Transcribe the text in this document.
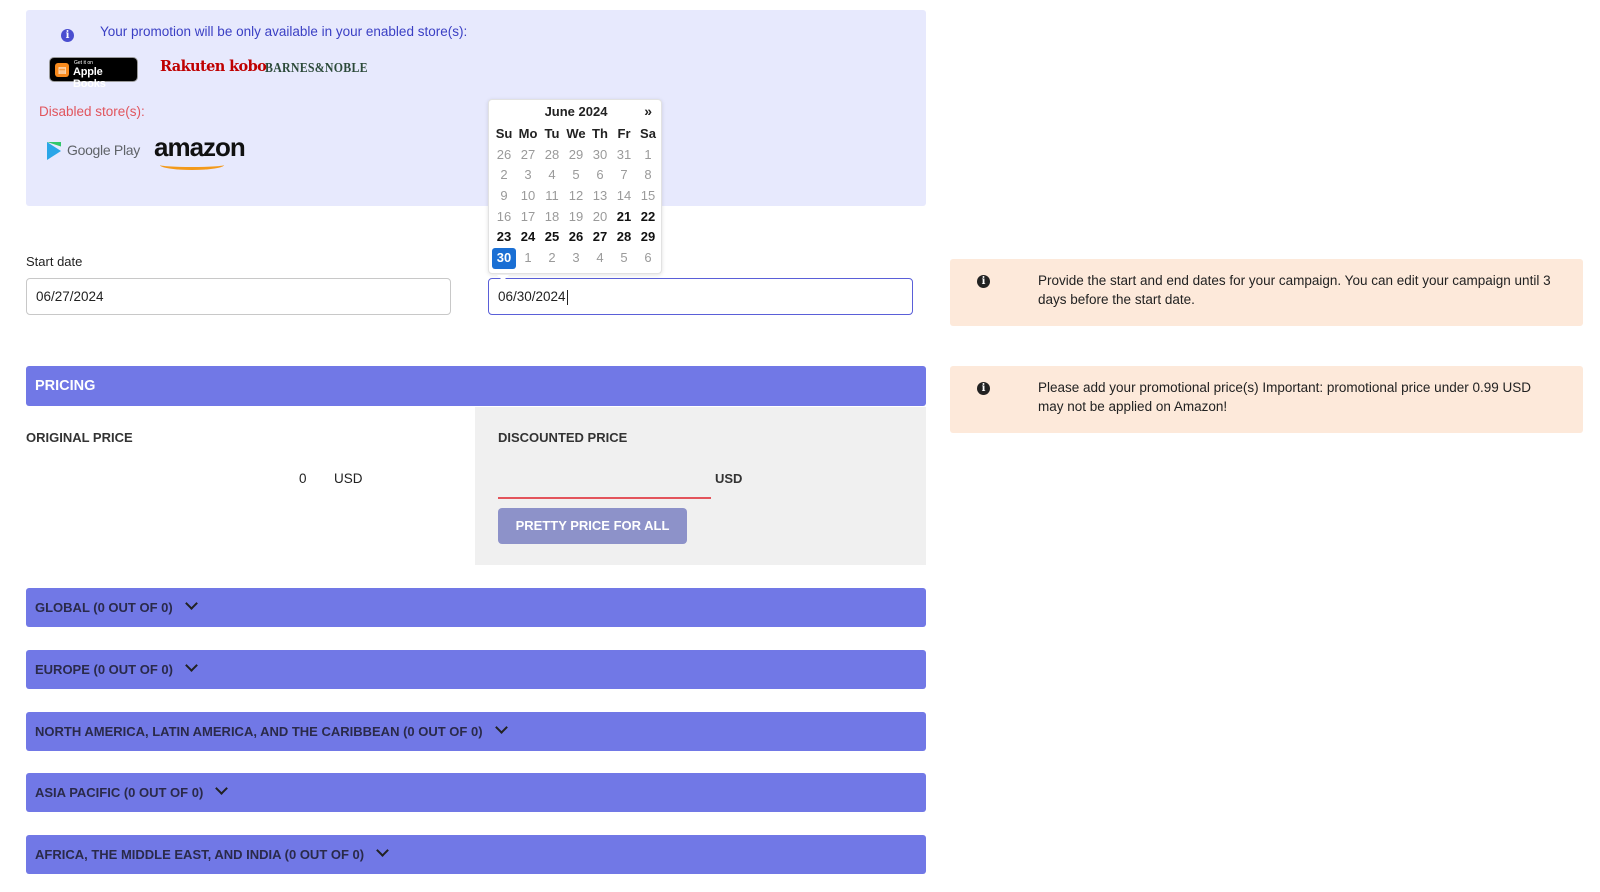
i	Your promotion will be only available in your enabled store(s):
▤
Get it on
Apple Books
Rakuten kobo
BARNES&NOBLE
Disabled store(s):
Google Play amazon
Start date
06/27/2024	06/30/2024
June 2024	»
Su Mo Tu We Th Fr Sa
26 27 28 29 30 31	1
2	3	4	5	6	7	8
9	10 11 12 13 14 15
16 17 18 19 20 21 22
23 24 25 26 27 28 29
30	1	2	3	4	5	6
i	Provide the start and end dates for your campaign. You can edit your campaign until 3 days before the start date.
i	Please add your promotional price(s) Important: promotional price under 0.99 USD may not be applied on Amazon!
PRICING
ORIGINAL PRICE
0 USD
DISCOUNTED PRICE
USD
PRETTY PRICE FOR ALL
GLOBAL (0 OUT OF 0)
EUROPE (0 OUT OF 0)
NORTH AMERICA, LATIN AMERICA, AND THE CARIBBEAN (0 OUT OF 0)
ASIA PACIFIC (0 OUT OF 0)
AFRICA, THE MIDDLE EAST, AND INDIA (0 OUT OF 0)
